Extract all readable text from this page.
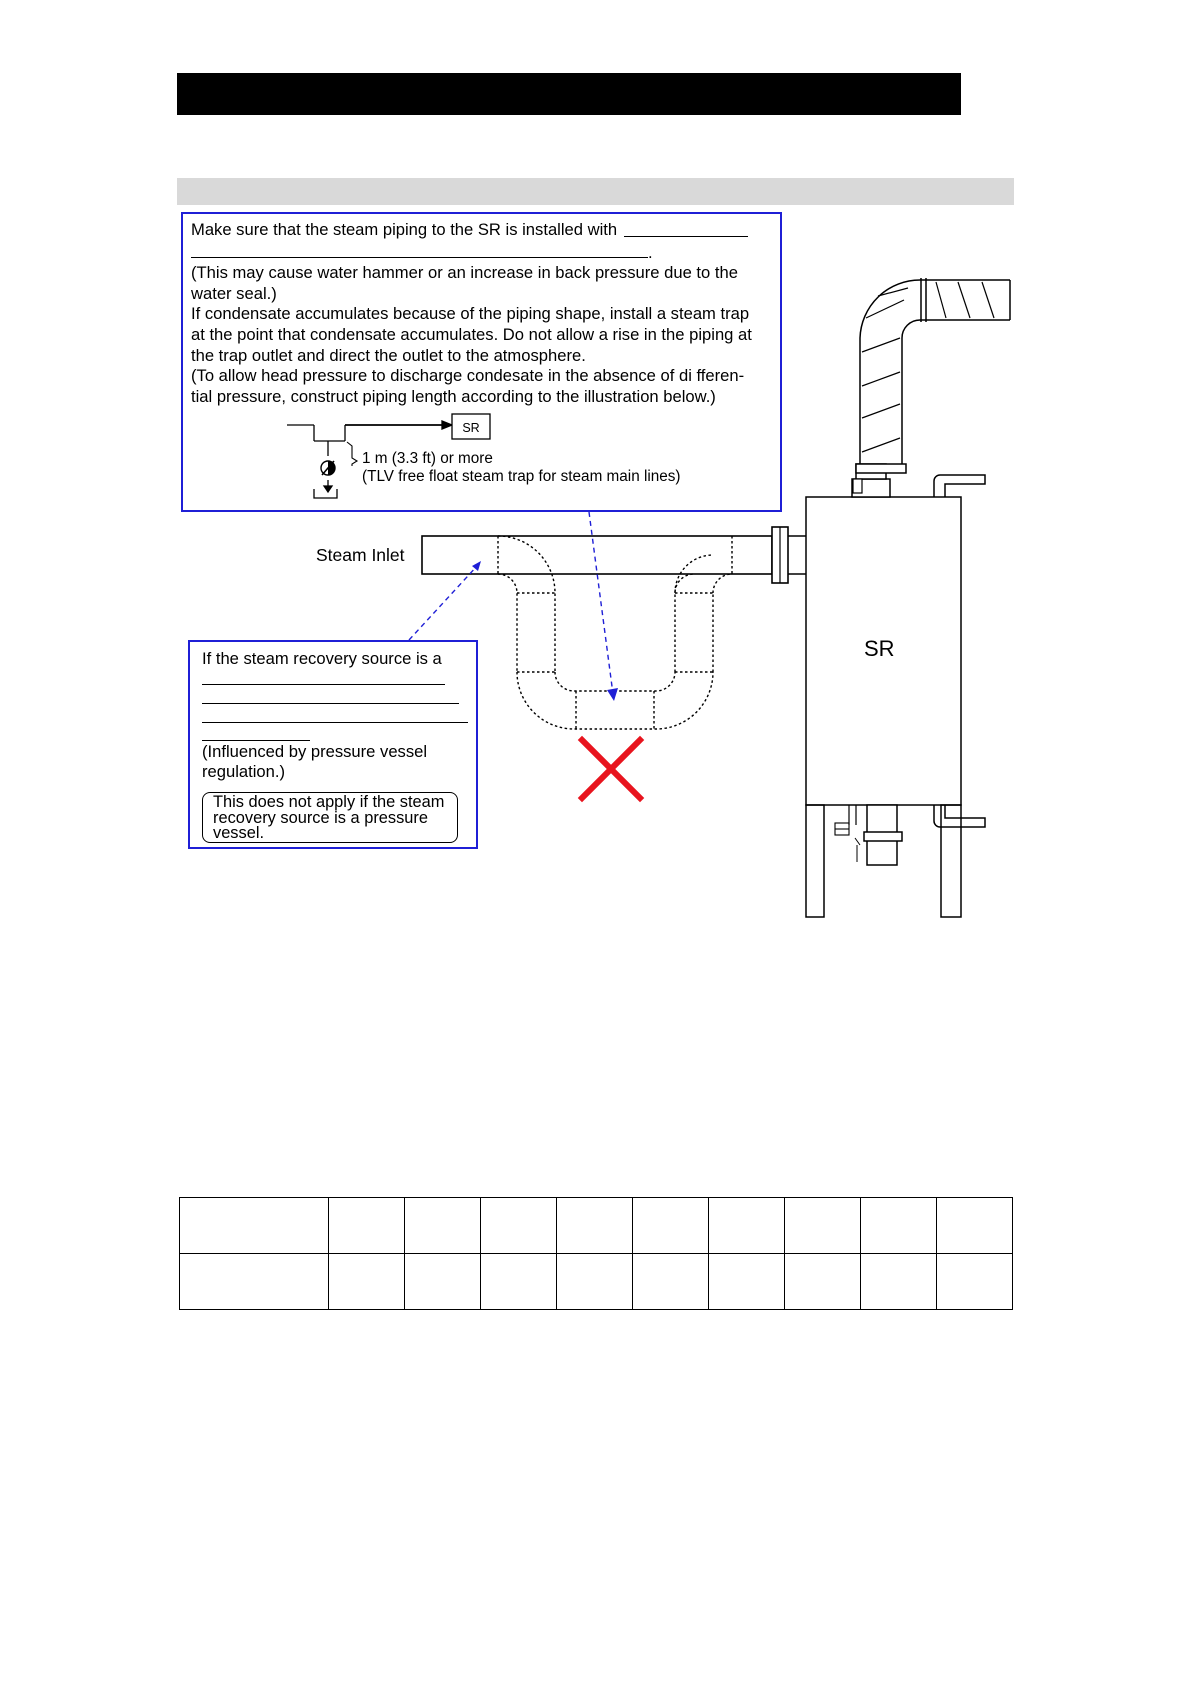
Make sure that the steam piping to the SR is installed with
.
(This may cause water hammer or an increase in back pressure due to the
water seal.)
If condensate accumulates because of the piping shape, install a steam trap
at the point that condensate accumulates. Do not allow a rise in the piping at
the trap outlet and direct the outlet to the atmosphere.
(To allow head pressure to discharge condesate in the absence of di fferen-
tial pressure, construct piping length according to the illustration below.)
1 m (3.3 ft) or more
(TLV free float steam trap for steam main lines)
SR
Steam Inlet
SR
If the steam recovery source is a
(Influenced by pressure vessel
regulation.)
This does not apply if the steam
recovery source is a pressure
vessel.
